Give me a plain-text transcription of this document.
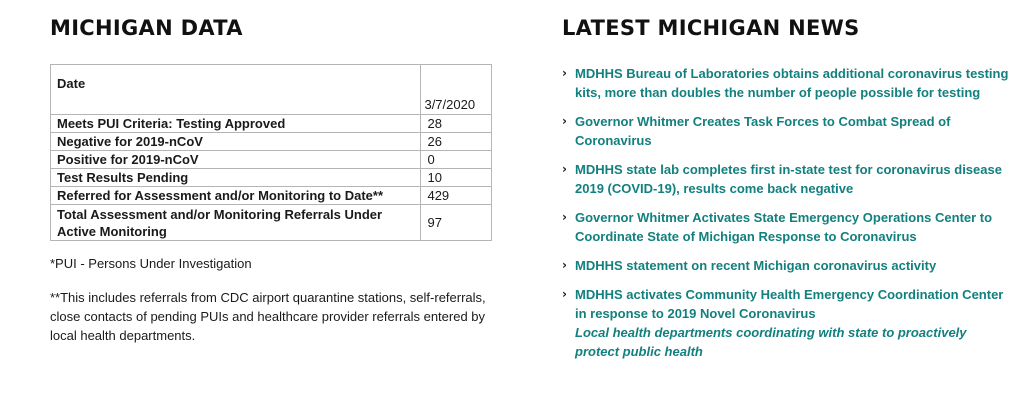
MICHIGAN DATA
Date	3/7/2020
Meets PUI Criteria: Testing Approved	28
Negative for 2019-nCoV	26
Positive for 2019-nCoV	0
Test Results Pending	10
Referred for Assessment and/or Monitoring to Date**	429
Total Assessment and/or Monitoring Referrals Under Active Monitoring	97
*PUI - Persons Under Investigation
**This includes referrals from CDC airport quarantine stations, self-referrals, close contacts of pending PUIs and healthcare provider referrals entered by local health departments.
LATEST MICHIGAN NEWS
› MDHHS Bureau of Laboratories obtains additional coronavirus testing kits, more than doubles the number of people possible for testing
› Governor Whitmer Creates Task Forces to Combat Spread of Coronavirus
› MDHHS state lab completes first in-state test for coronavirus disease 2019 (COVID-19), results come back negative
› Governor Whitmer Activates State Emergency Operations Center to Coordinate State of Michigan Response to Coronavirus
› MDHHS statement on recent Michigan coronavirus activity
› MDHHS activates Community Health Emergency Coordination Center in response to 2019 Novel Coronavirus
Local health departments coordinating with state to proactively protect public health
